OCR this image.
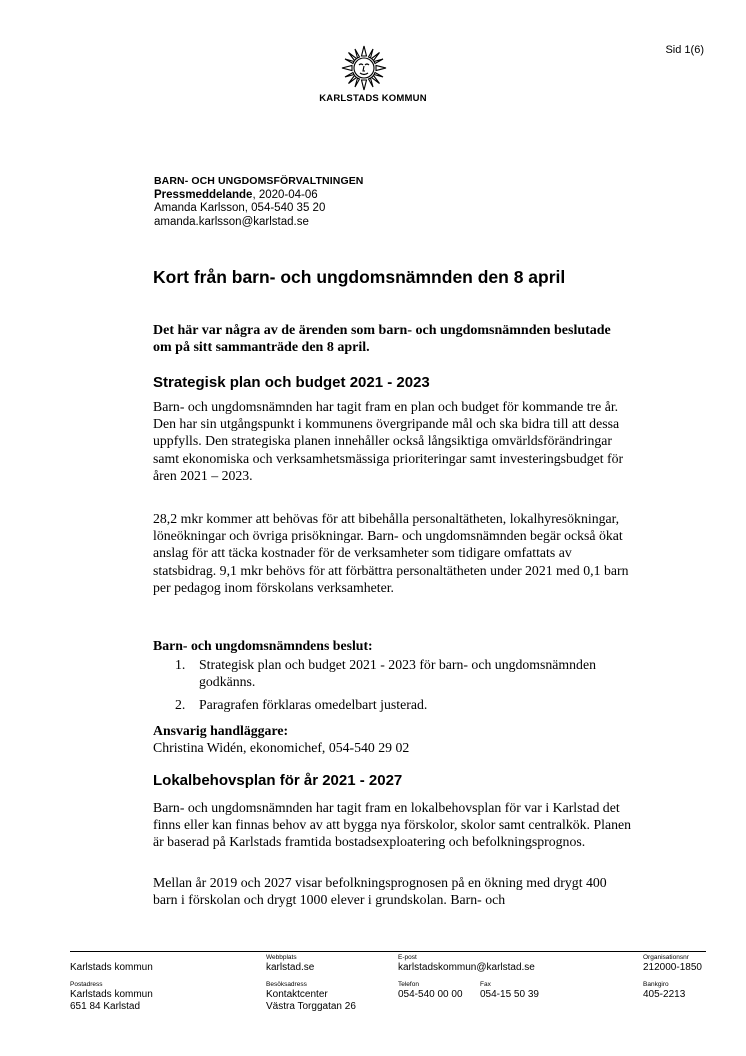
Sid 1(6)
KARLSTADS KOMMUN
BARN- OCH UNGDOMSFÖRVALTNINGEN
Pressmeddelande, 2020-04-06
Amanda Karlsson, 054-540 35 20
amanda.karlsson@karlstad.se
Kort från barn- och ungdomsnämnden den 8 april
Det här var några av de ärenden som barn- och ungdomsnämnden beslutade om på sitt sammanträde den 8 april.
Strategisk plan och budget 2021 - 2023
Barn- och ungdomsnämnden har tagit fram en plan och budget för kommande tre år. Den har sin utgångspunkt i kommunens övergripande mål och ska bidra till att dessa uppfylls. Den strategiska planen innehåller också långsiktiga omvärldsförändringar samt ekonomiska och verksamhetsmässiga prioriteringar samt investeringsbudget för åren 2021 – 2023.
28,2 mkr kommer att behövas för att bibehålla personaltätheten, lokalhyresökningar, löneökningar och övriga prisökningar. Barn- och ungdomsnämnden begär också ökat anslag för att täcka kostnader för de verksamheter som tidigare omfattats av statsbidrag. 9,1 mkr behövs för att förbättra personaltätheten under 2021 med 0,1 barn per pedagog inom förskolans verksamheter.
Barn- och ungdomsnämndens beslut:
1. Strategisk plan och budget 2021 - 2023 för barn- och ungdomsnämnden godkänns.
2. Paragrafen förklaras omedelbart justerad.
Ansvarig handläggare:
Christina Widén, ekonomichef, 054-540 29 02
Lokalbehovsplan för år 2021 - 2027
Barn- och ungdomsnämnden har tagit fram en lokalbehovsplan för var i Karlstad det finns eller kan finnas behov av att bygga nya förskolor, skolor samt centralkök. Planen är baserad på Karlstads framtida bostadsexploatering och befolkningsprognos.
Mellan år 2019 och 2027 visar befolkningsprognosen på en ökning med drygt 400 barn i förskolan och drygt 1000 elever i grundskolan. Barn- och
Karlstads kommun
Webbplats
karlstad.se
E-post
karlstadskommun@karlstad.se
Organisationsnr
212000-1850
Postadress
Karlstads kommun
651 84 Karlstad
Besöksadress
Kontaktcenter
Västra Torggatan 26
Telefon
054-540 00 00
Fax
054-15 50 39
Bankgiro
405-2213
